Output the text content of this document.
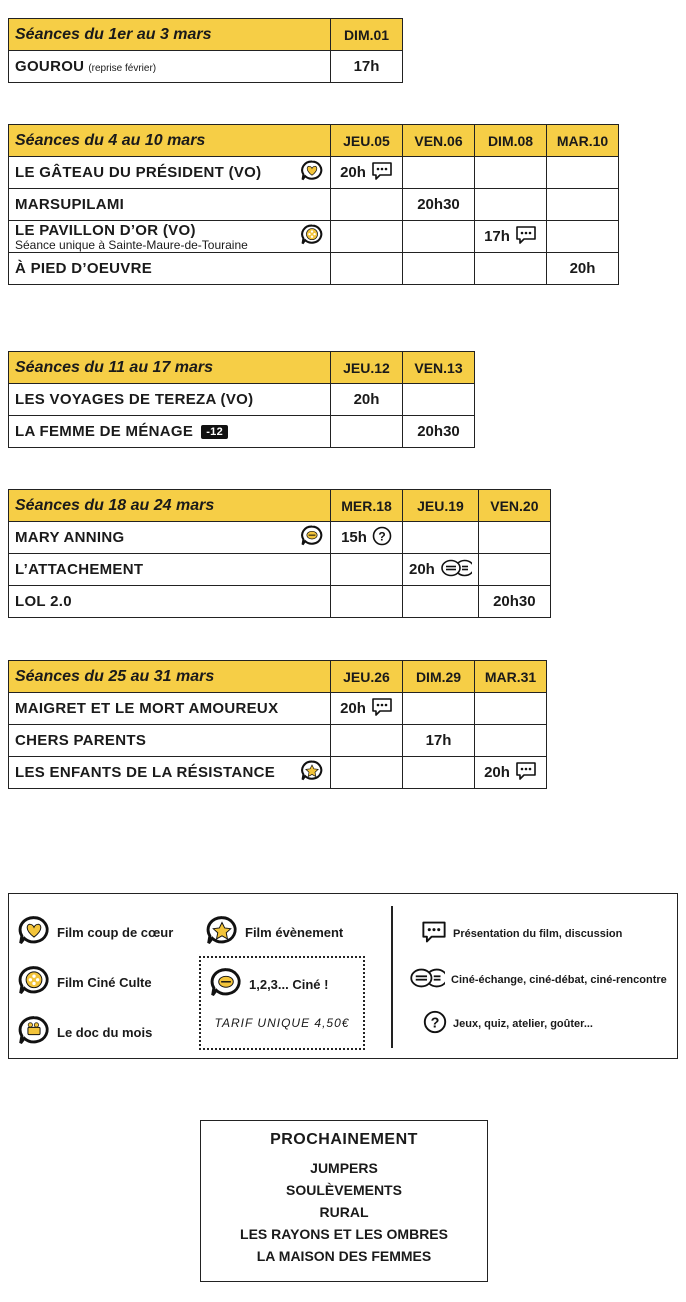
Séances du 1er au 3 mars	DIM.01
GOUROU (reprise février)	17h
Séances du 4 au 10 mars	JEU.05	VEN.06	DIM.08	MAR.10
LE GÂTEAU DU PRÉSIDENT (VO)	20h			
MARSUPILAMI		20h30		
LE PAVILLON D’OR (VO)
Séance unique à Sainte-Maure-de-Touraine			17h	
À PIED D’OEUVRE				20h
Séances du 11 au 17 mars	JEU.12	VEN.13
LES VOYAGES DE TEREZA (VO)	20h	
LA FEMME DE MÉNAGE -12		20h30
Séances du 18 au 24 mars	MER.18	JEU.19	VEN.20
MARY ANNING	15h ?		

L’ATTACHEMENT		20h	
LOL 2.0			20h30
Séances du 25 au 31 mars	JEU.26	DIM.29	MAR.31
MAIGRET ET LE MORT AMOUREUX	20h		
CHERS PARENTS		17h	
LES ENFANTS DE LA RÉSISTANCE			20h
Film coup de cœur	Film évènement
Film Ciné Culte
Le doc du mois
1,2,3... Ciné !
TARIF UNIQUE 4,50€
Présentation du film, discussion
Ciné-échange, ciné-débat, ciné-rencontre
? Jeux, quiz, atelier, goûter...
PROCHAINEMENT
JUMPERS
SOULÈVEMENTS
RURAL
LES RAYONS ET LES OMBRES
LA MAISON DES FEMMES
